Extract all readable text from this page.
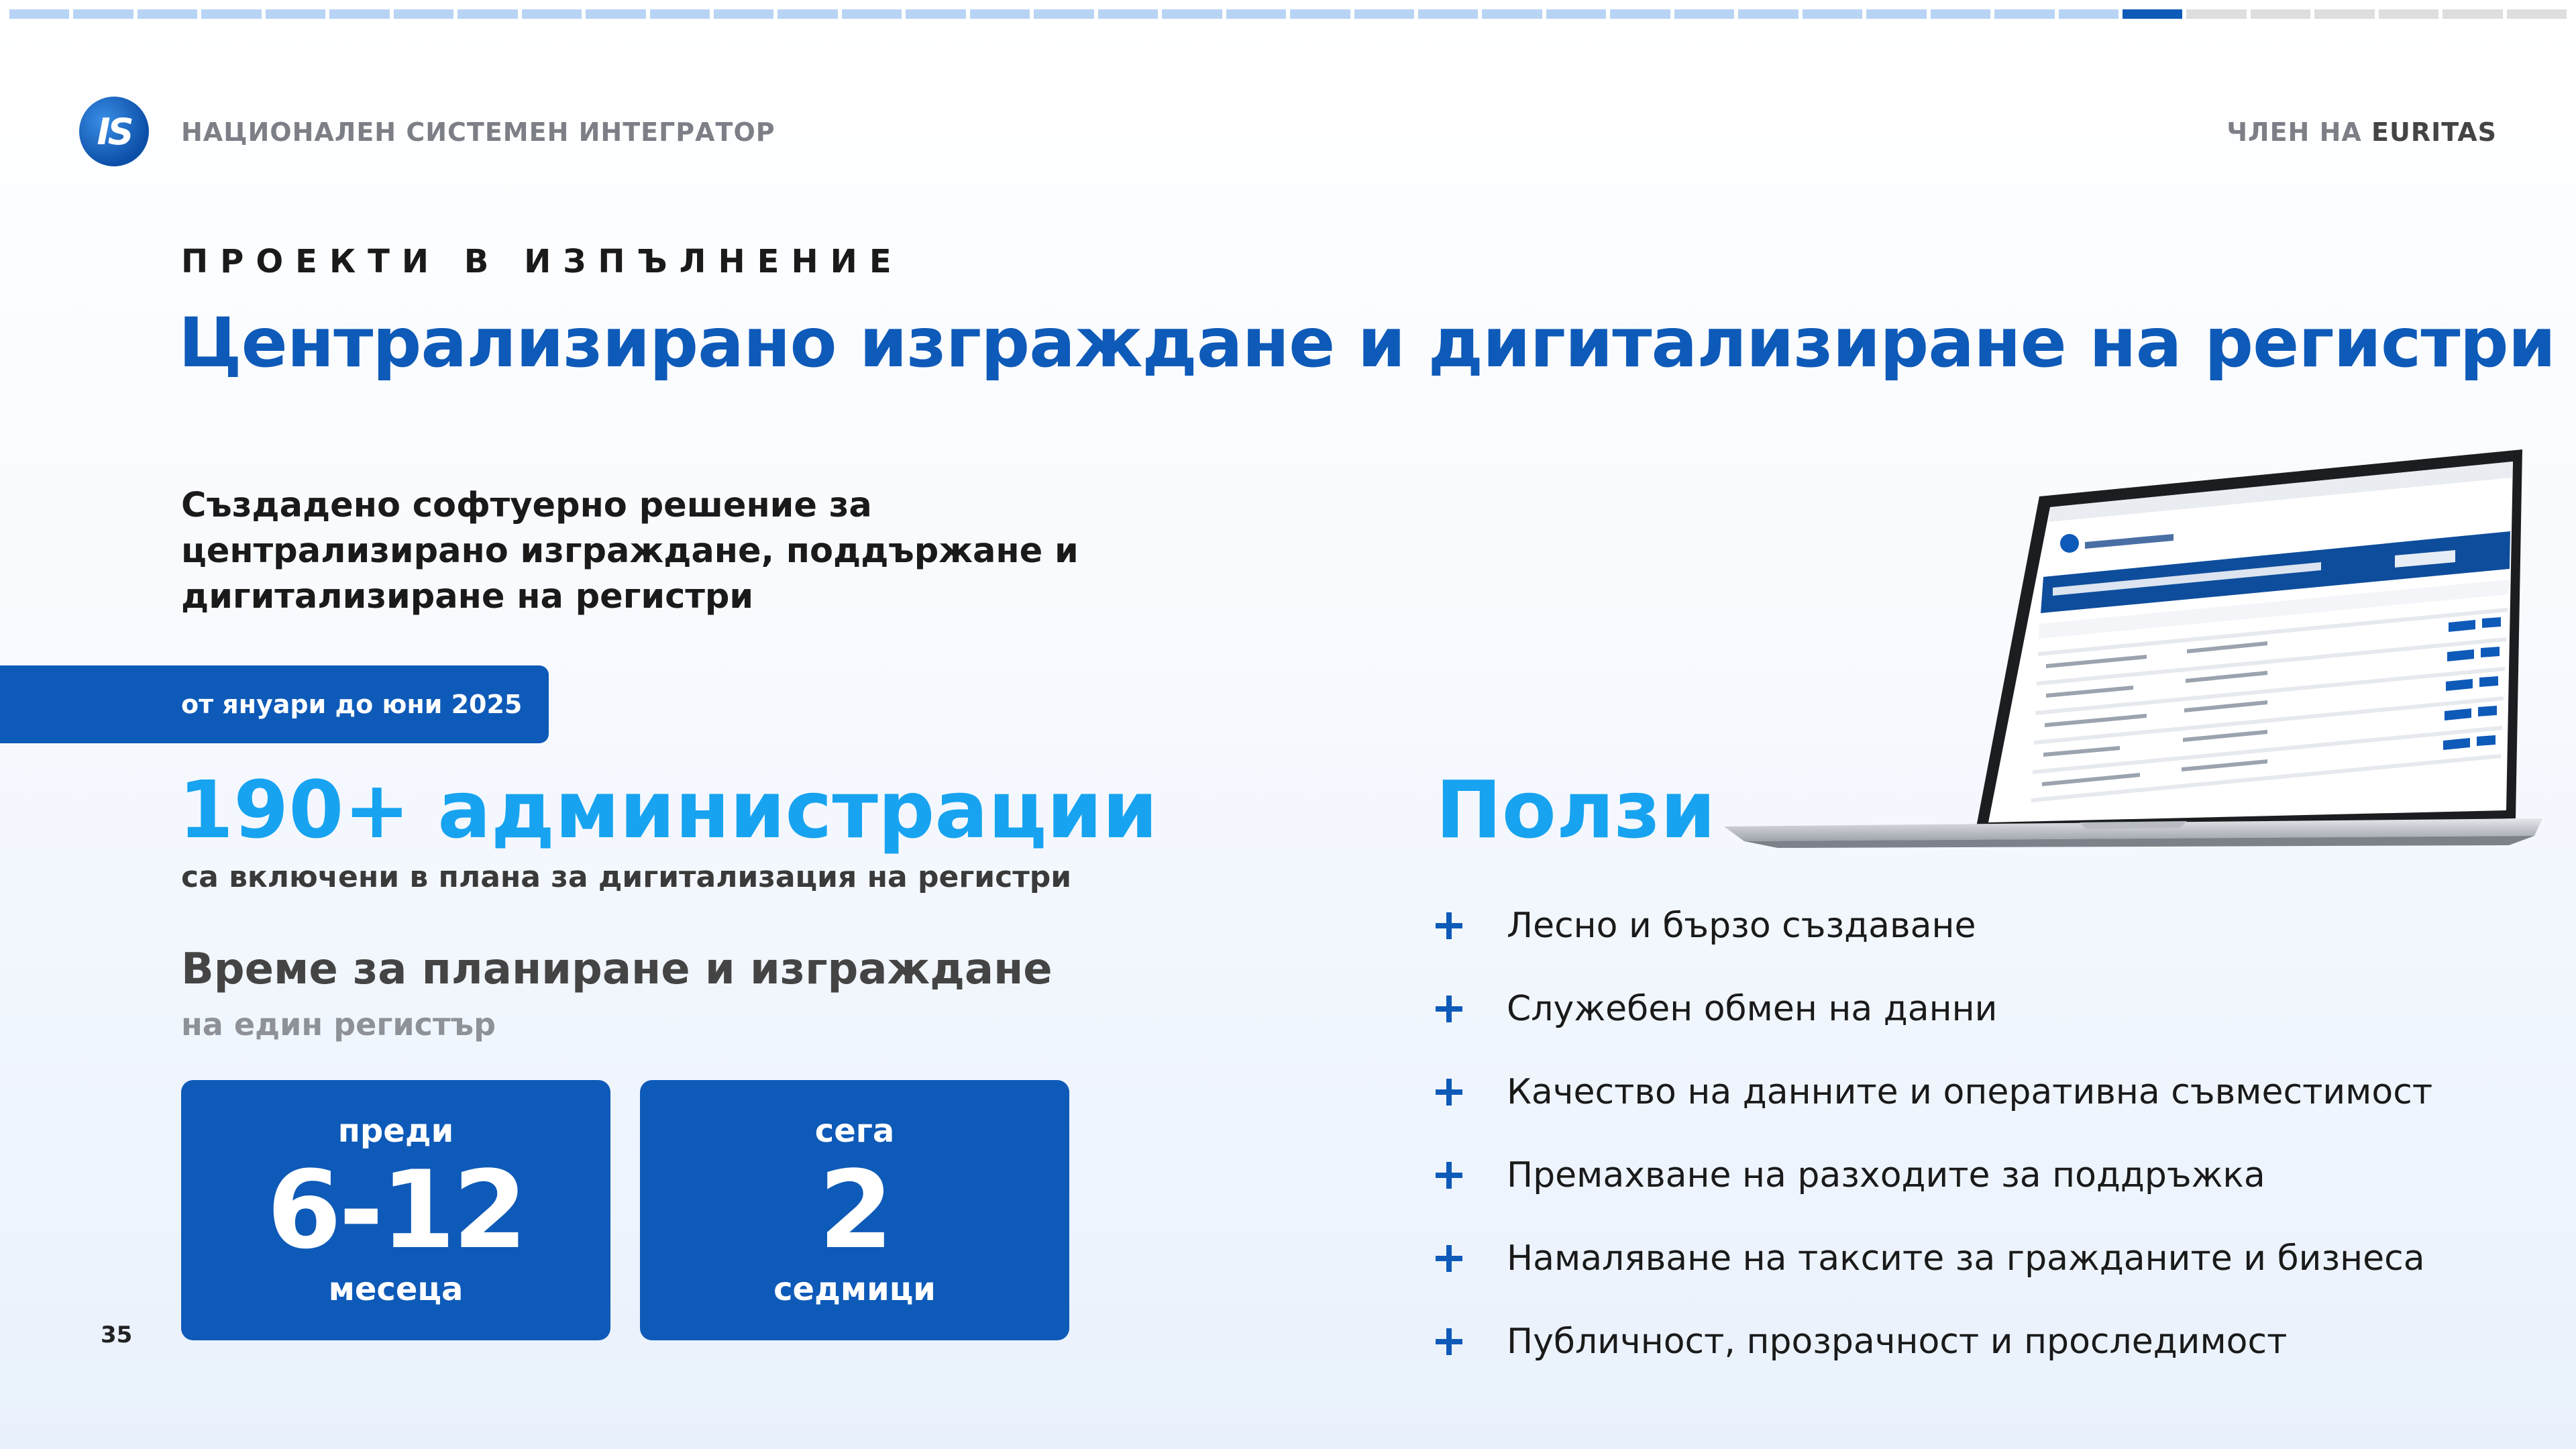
IS НАЦИОНАЛЕН СИСТЕМЕН ИНТЕГРАТОР	ЧЛЕН НА EURITAS
ПРОЕКТИ В ИЗПЪЛНЕНИЕ
Централизирано изграждане и дигитализиране на регистри
Създадено софтуерно решение за централизирано изграждане, поддържане и дигитализиране на регистри
от януари до юни 2025
190+ администрации
са включени в плана за дигитализация на регистри
Време за планиране и изграждане
на един регистър
преди
6-12
месеца
сега
2
седмици
35
Ползи
Лесно и бързо създаване
Служебен обмен на данни
Качество на данните и оперативна съвместимост
Премахване на разходите за поддръжка
Намаляване на таксите за гражданите и бизнеса
Публичност, прозрачност и проследимост
